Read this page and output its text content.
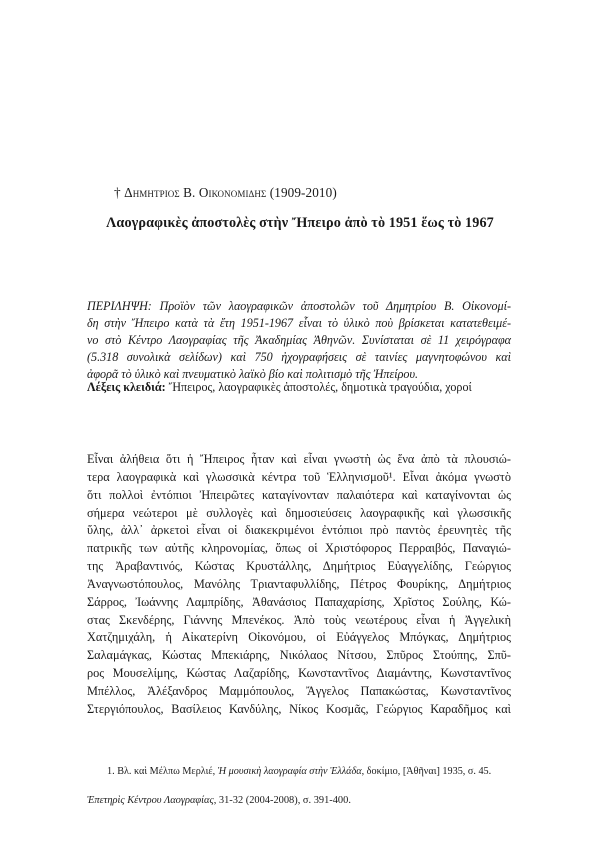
† Δημητριος Β. Οικονομιδης (1909-2010)
Λαογραφικὲς ἀποστολὲς στὴν Ἤπειρο ἀπὸ τὸ 1951 ἕως τὸ 1967
ΠΕΡΙΛΗΨΗ: Προϊὸν τῶν λαογραφικῶν ἀποστολῶν τοῦ Δημητρίου Β. Οἰκονομί-
δη στὴν Ἤπειρο κατὰ τὰ ἔτη 1951-1967 εἶναι τὸ ὑλικὸ ποὺ βρίσκεται κατατεθειμέ-
νο στὸ Κέντρο Λαογραφίας τῆς Ἀκαδημίας Ἀθηνῶν. Συνίσταται σὲ 11 χειρόγραφα
(5.318 συνολικὰ σελίδων) καὶ 750 ἠχογραφήσεις σὲ ταινίες μαγνητοφώνου καὶ
ἀφορᾶ τὸ ὑλικὸ καὶ πνευματικὸ λαϊκὸ βίο καὶ πολιτισμὸ τῆς Ἠπείρου.
Λέξεις κλειδιά: Ἤπειρος, λαογραφικὲς ἀποστολές, δημοτικὰ τραγούδια, χοροί
Εἶναι ἀλήθεια ὅτι ἡ Ἤπειρος ἦταν καὶ εἶναι γνωστὴ ὡς ἕνα ἀπὸ τὰ πλουσιώ-
τερα λαογραφικὰ καὶ γλωσσικὰ κέντρα τοῦ Ἑλληνισμοῦ¹. Εἶναι ἀκόμα γνωστὸ
ὅτι πολλοὶ ἐντόπιοι Ἠπειρῶτες καταγίνονταν παλαιότερα καὶ καταγίνονται ὡς
σήμερα νεώτεροι μὲ συλλογὲς καὶ δημοσιεύσεις λαογραφικῆς καὶ γλωσσικῆς
ὕλης, ἀλλ᾽ ἀρκετοὶ εἶναι οἱ διακεκριμένοι ἐντόπιοι πρὸ παντὸς ἐρευνητὲς τῆς
πατρικῆς των αὐτῆς κληρονομίας, ὅπως οἱ Χριστόφορος Περραιβός, Παναγιώ-
της Ἀραβαντινός, Κώστας Κρυστάλλης, Δημήτριος Εὐαγγελίδης, Γεώργιος
Ἀναγνωστόπουλος, Μανόλης Τριανταφυλλίδης, Πέτρος Φουρίκης, Δημήτριος
Σάρρος, Ἰωάννης Λαμπρίδης, Ἀθανάσιος Παπαχαρίσης, Χρῖστος Σούλης, Κώ-
στας Σκενδέρης, Γιάννης Μπενέκος. Ἀπὸ τοὺς νεωτέρους εἶναι ἡ Ἀγγελικὴ
Χατζημιχάλη, ἡ Αἰκατερίνη Οἰκονόμου, οἱ Εὐάγγελος Μπόγκας, Δημήτριος
Σαλαμάγκας, Κώστας Μπεκιάρης, Νικόλαος Νίτσου, Σπῦρος Στούπης, Σπῦ-
ρος Μουσελίμης, Κώστας Λαζαρίδης, Κωνσταντῖνος Διαμάντης, Κωνσταντῖνος
Μπέλλος, Ἀλέξανδρος Μαμμόπουλος, Ἄγγελος Παπακώστας, Κωνσταντῖνος
Στεργιόπουλος, Βασίλειος Κανδύλης, Νίκος Κοσμᾶς, Γεώργιος Καραδῆμος καὶ
1. Βλ. καὶ Μέλπω Μερλιέ, Ἡ μουσικὴ λαογραφία στὴν Ἑλλάδα, δοκίμιο, [Ἀθῆναι] 1935, σ. 45.
Ἐπετηρὶς Κέντρου Λαογραφίας, 31-32 (2004-2008), σ. 391-400.
